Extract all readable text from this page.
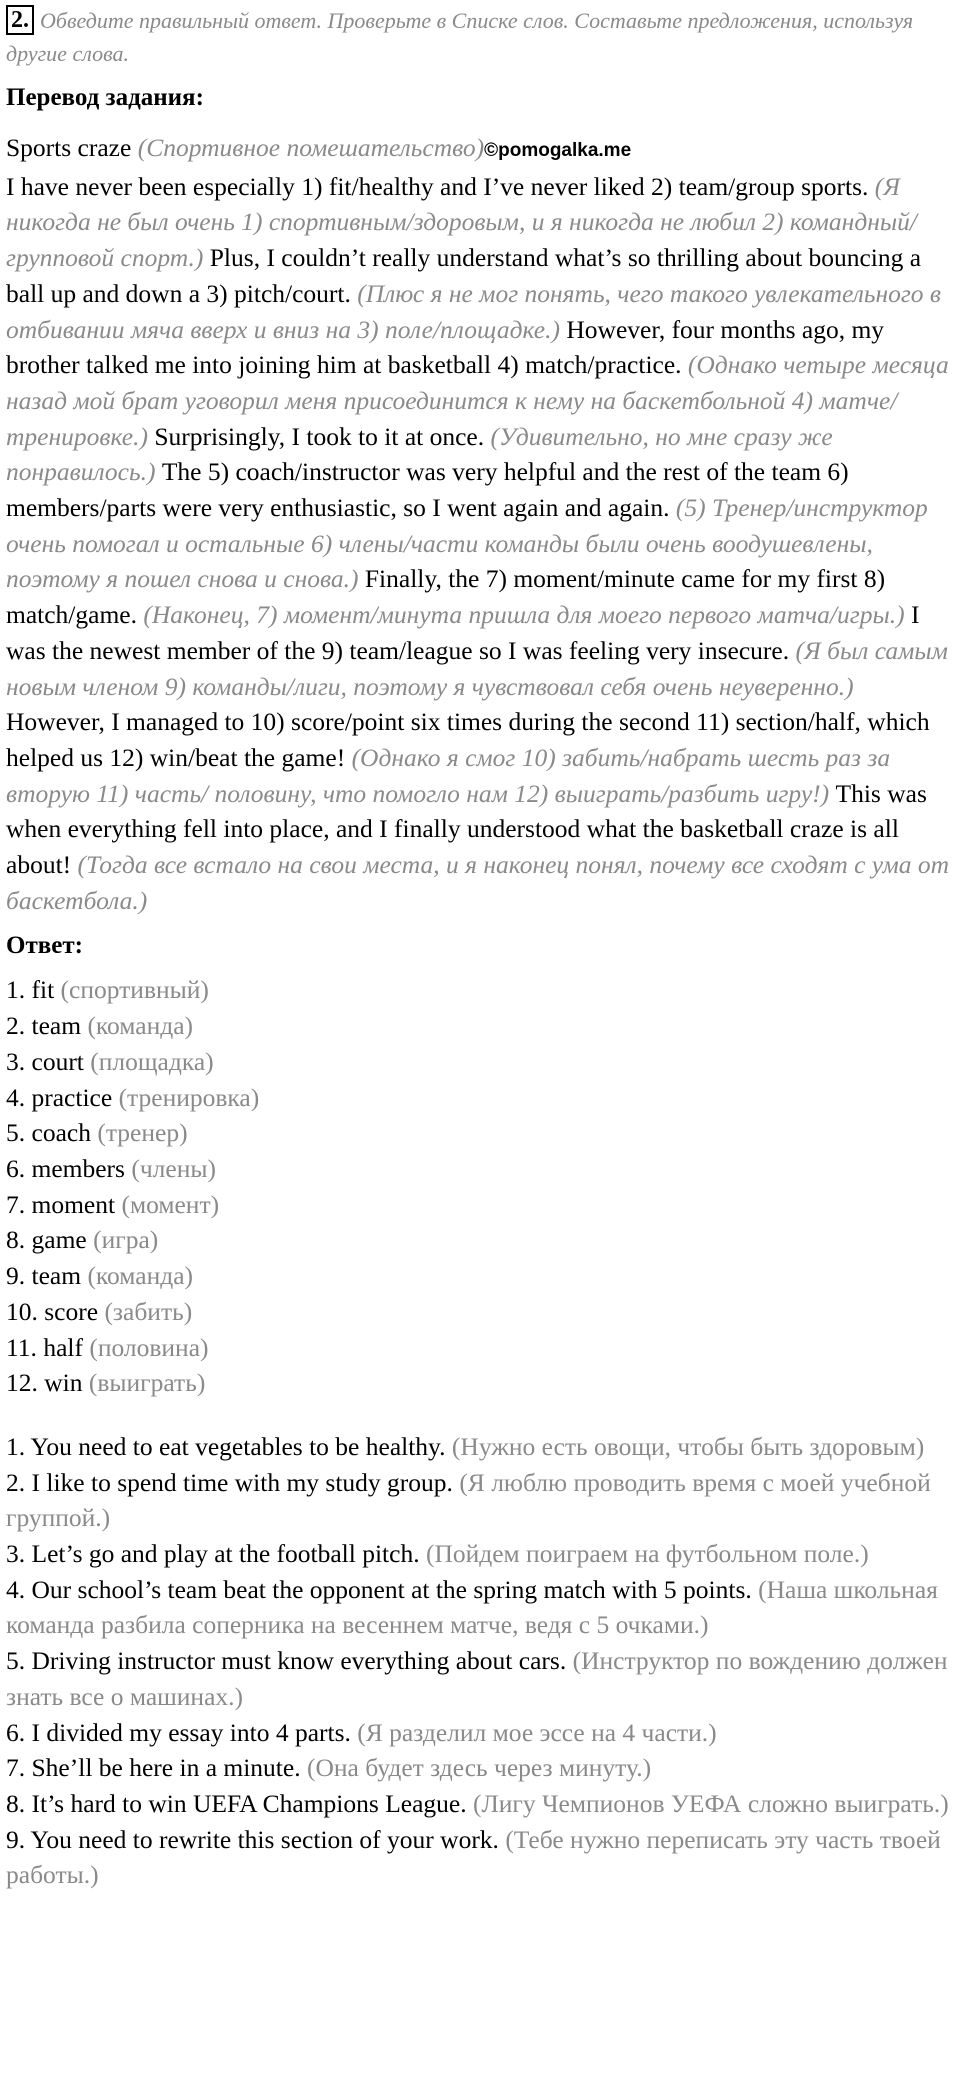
2. Обведите правильный ответ. Проверьте в Списке слов. Составьте предложения, используя другие слова.
Перевод задания:
Sports craze (Спортивное помешательство)©pomogalka.me
I have never been especially 1) fit/healthy and I’ve never liked 2) team/group sports. (Я никогда не был очень 1) спортивным/здоровым, и я никогда не любил 2) командный/групповой спорт.) Plus, I couldn’t really understand what’s so thrilling about bouncing a ball up and down a 3) pitch/court. (Плюс я не мог понять, чего такого увлекательного в отбивании мяча вверх и вниз на 3) поле/площадке.) However, four months ago, my brother talked me into joining him at basketball 4) match/practice. (Однако четыре месяца назад мой брат уговорил меня присоединится к нему на баскетбольной 4) матче/тренировке.) Surprisingly, I took to it at once. (Удивительно, но мне сразу же понравилось.) The 5) coach/instructor was very helpful and the rest of the team 6) members/parts were very enthusiastic, so I went again and again. (5) Тренер/инструктор очень помогал и остальные 6) члены/части команды были очень воодушевлены, поэтому я пошел снова и снова.) Finally, the 7) moment/minute came for my first 8) match/game. (Наконец, 7) момент/минута пришла для моего первого матча/игры.) I was the newest member of the 9) team/league so I was feeling very insecure. (Я был самым новым членом 9) команды/лиги, поэтому я чувствовал себя очень неуверенно.) However, I managed to 10) score/point six times during the second 11) section/half, which helped us 12) win/beat the game! (Однако я смог 10) забить/набрать шесть раз за вторую 11) часть/ половину, что помогло нам 12) выиграть/разбить игру!) This was when everything fell into place, and I finally understood what the basketball craze is all about! (Тогда все встало на свои места, и я наконец понял, почему все сходят с ума от баскетбола.)
Ответ:
1. fit (спортивный)
2. team (команда)
3. court (площадка)
4. practice (тренировка)
5. coach (тренер)
6. members (члены)
7. moment (момент)
8. game (игра)
9. team (команда)
10. score (забить)
11. half (половина)
12. win (выиграть)
1. You need to eat vegetables to be healthy. (Нужно есть овощи, чтобы быть здоровым)
2. I like to spend time with my study group. (Я люблю проводить время с моей учебной группой.)
3. Let’s go and play at the football pitch. (Пойдем поиграем на футбольном поле.)
4. Our school’s team beat the opponent at the spring match with 5 points. (Наша школьная команда разбила соперника на весеннем матче, ведя с 5 очками.)
5. Driving instructor must know everything about cars. (Инструктор по вождению должен знать все о машинах.)
6. I divided my essay into 4 parts. (Я разделил мое эссе на 4 части.)
7. She’ll be here in a minute. (Она будет здесь через минуту.)
8. It’s hard to win UEFA Champions League. (Лигу Чемпионов УЕФА сложно выиграть.)
9. You need to rewrite this section of your work. (Тебе нужно переписать эту часть твоей работы.)
